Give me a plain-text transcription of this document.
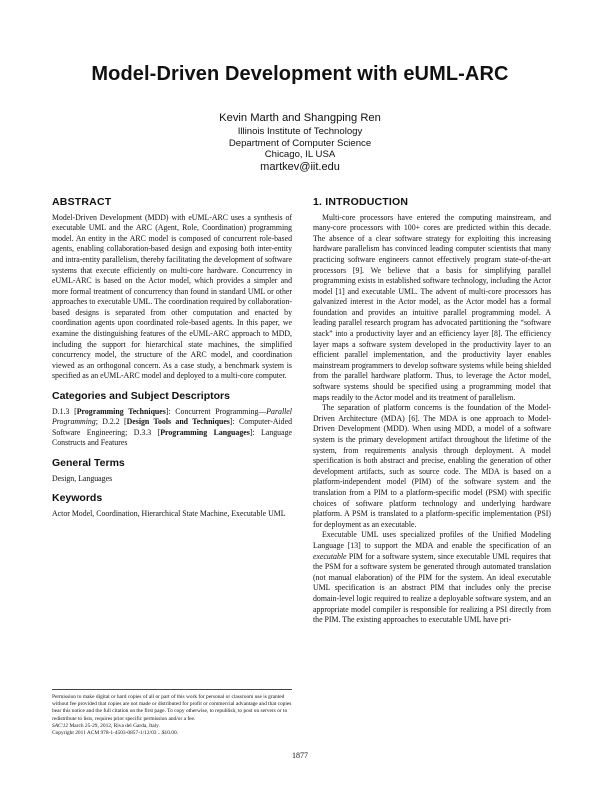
Model-Driven Development with eUML-ARC
Kevin Marth and Shangping Ren
Illinois Institute of Technology
Department of Computer Science
Chicago, IL USA
martkev@iit.edu
ABSTRACT

Model-Driven Development (MDD) with eUML-ARC uses a synthesis of executable UML and the ARC (Agent, Role, Coordination) programming model. An entity in the ARC model is composed of concurrent role-based agents, enabling collaboration-based design and exposing both inter-entity and intra-entity parallelism, thereby facilitating the development of software systems that execute efficiently on multi-core hardware. Concurrency in eUML-ARC is based on the Actor model, which provides a simpler and more formal treatment of concurrency than found in standard UML or other approaches to executable UML. The coordination required by collaboration-based designs is separated from other computation and enacted by coordination agents upon coordinated role-based agents. In this paper, we examine the distinguishing features of the eUML-ARC approach to MDD, including the support for hierarchical state machines, the simplified concurrency model, the structure of the ARC model, and coordination viewed as an orthogonal concern. As a case study, a benchmark system is specified as an eUML-ARC model and deployed to a multi-core computer.

Categories and Subject Descriptors

D.1.3 [Programming Techniques]: Concurrent Programming—Parallel Programming; D.2.2 [Design Tools and Techniques]: Computer-Aided Software Engineering; D.3.3 [Programming Languages]: Language Constructs and Features

General Terms

Design, Languages

Keywords

Actor Model, Coordination, Hierarchical State Machine, Executable UML

Permission to make digital or hard copies of all or part of this work for personal or classroom use is granted without fee provided that copies are not made or distributed for profit or commercial advantage and that copies bear this notice and the full citation on the first page. To copy otherwise, to republish, to post on servers or to redistribute to lists, requires prior specific permission and/or a fee.
SAC'12 March 25-29, 2012, Riva del Garda, Italy.
Copyright 2011 ACM 978-1-4503-0857-1/12/03 ...$10.00.
1. INTRODUCTION

Multi-core processors have entered the computing mainstream, and many-core processors with 100+ cores are predicted within this decade. The absence of a clear software strategy for exploiting this increasing hardware parallelism has convinced leading computer scientists that many practicing software engineers cannot effectively program state-of-the-art processors [9]. We believe that a basis for simplifying parallel programming exists in established software technology, including the Actor model [1] and executable UML. The advent of multi-core processors has galvanized interest in the Actor model, as the Actor model has a formal foundation and provides an intuitive parallel programming model. A leading parallel research program has advocated partitioning the “software stack” into a productivity layer and an efficiency layer [8]. The efficiency layer maps a software system developed in the productivity layer to an efficient parallel implementation, and the productivity layer enables mainstream programmers to develop software systems while being shielded from the parallel hardware platform. Thus, to leverage the Actor model, software systems should be specified using a programming model that maps readily to the Actor model and its treatment of parallelism.

The separation of platform concerns is the foundation of the Model-Driven Architecture (MDA) [6]. The MDA is one approach to Model-Driven Development (MDD). When using MDD, a model of a software system is the primary development artifact throughout the lifetime of the system, from requirements analysis through deployment. A model specification is both abstract and precise, enabling the generation of other development artifacts, such as source code. The MDA is based on a platform-independent model (PIM) of the software system and the translation from a PIM to a platform-specific model (PSM) with specific choices of software platform technology and underlying hardware platform. A PSM is translated to a platform-specific implementation (PSI) for deployment as an executable.

Executable UML uses specialized profiles of the Unified Modeling Language [13] to support the MDA and enable the specification of an executable PIM for a software system, since executable UML requires that the PSM for a software system be generated through automated translation (not manual elaboration) of the PIM for the system. An ideal executable UML specification is an abstract PIM that includes only the precise domain-level logic required to realize a deployable software system, and an appropriate model compiler is responsible for realizing a PSI directly from the PIM. The existing approaches to executable UML have pri-

1877
